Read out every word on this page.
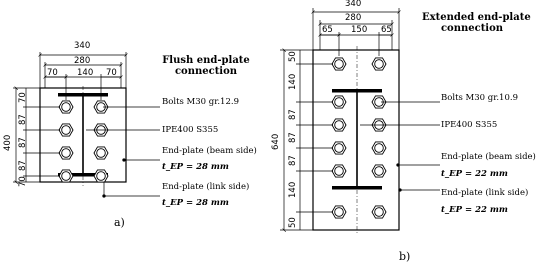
340
280
70 140 70
400
70
87
87
87
70
Flush end-plate
connection
Bolts M30 gr.12.9
IPE400 S355
End-plate (beam side)
t_EP = 28 mm
End-plate (link side)
t_EP = 28 mm
a)
340
280
65 150 65
640
50
140
87
87
87
140
50
Extended end-plate
connection
Bolts M30 gr.10.9
IPE400 S355
End-plate (beam side)
t_EP = 22 mm
End-plate (link side)
t_EP = 22 mm
b)
